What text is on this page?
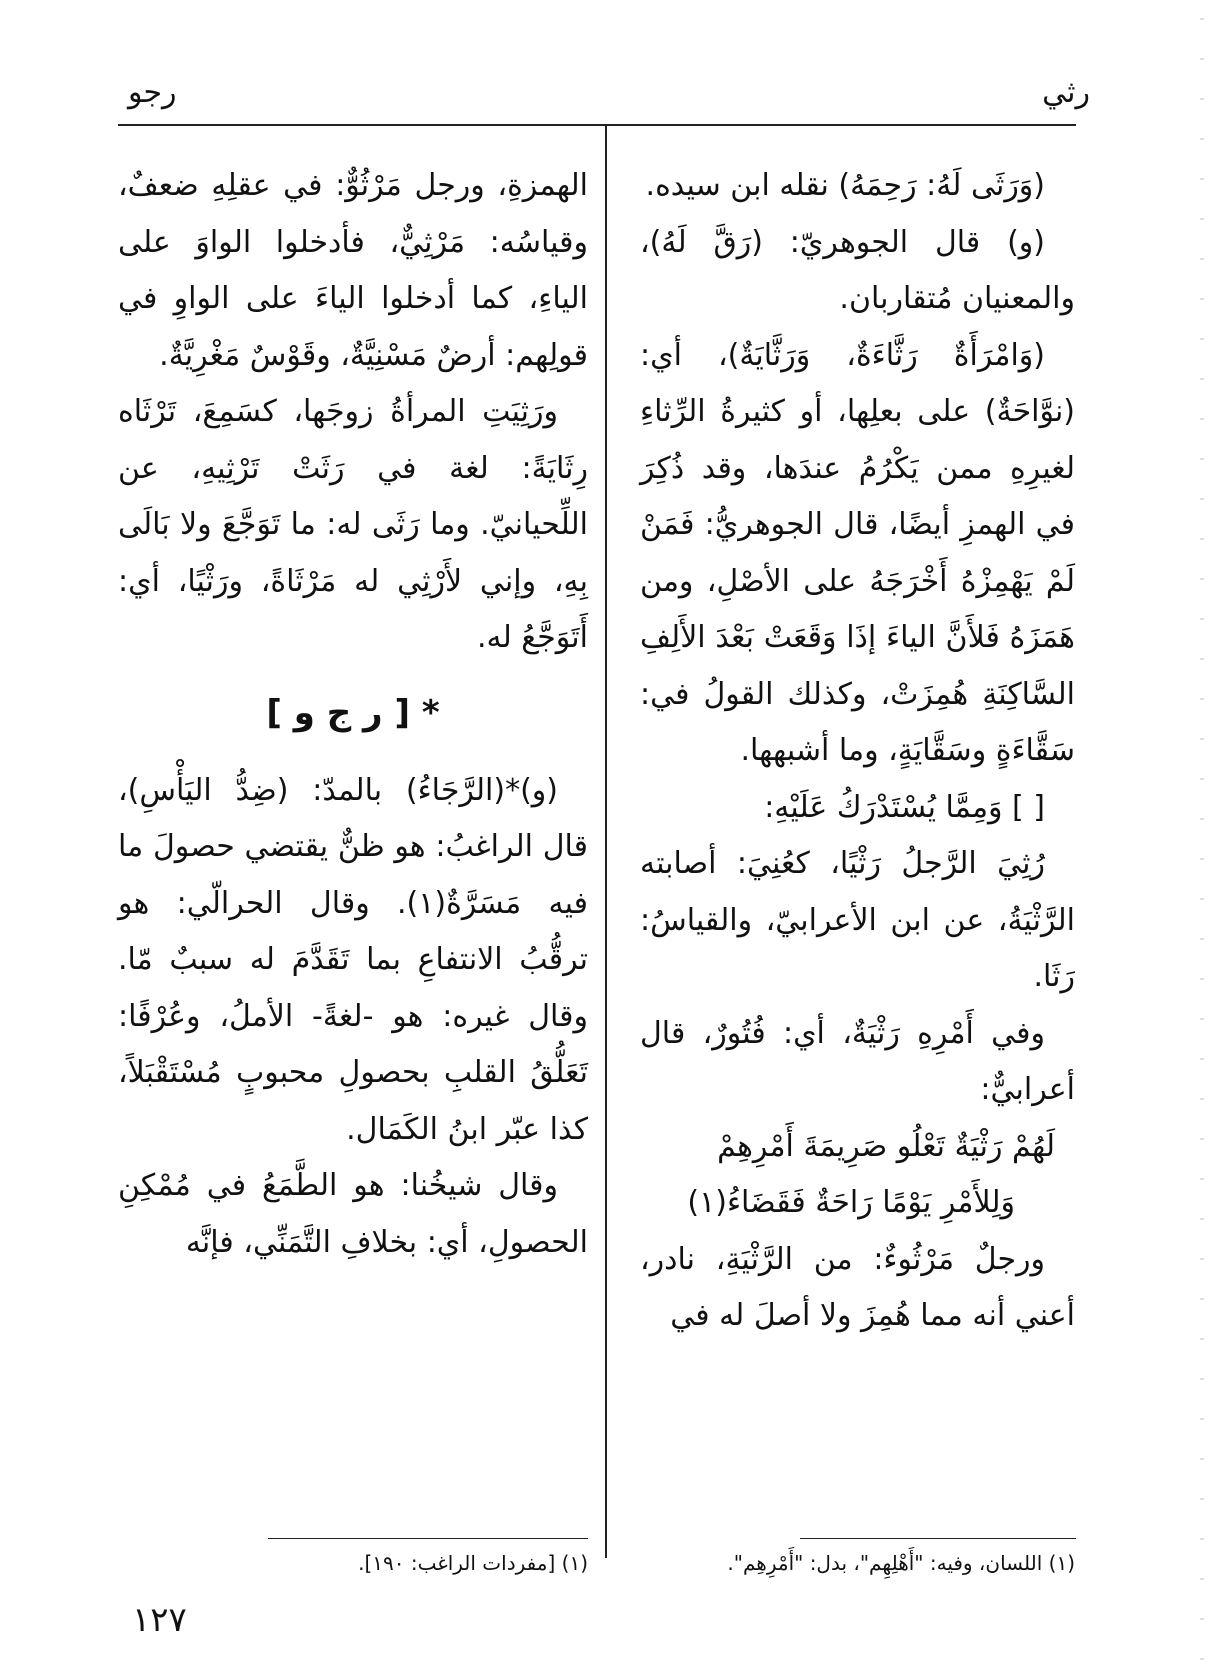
رثي
رجو

(وَرَثَى لَهُ: رَحِمَهُ) نقله ابن سيده.

(و) قال الجوهريّ: (رَقَّ لَهُ)، والمعنيان مُتقاربان.

(وَامْرَأَةٌ رَثَّاءَةٌ، وَرَثَّايَةٌ)، أي: (نوَّاحَةٌ) على بعلِها، أو كثيرةُ الرِّثاءِ لغيرِهِ ممن يَكْرُمُ عندَها، وقد ذُكِرَ في الهمزِ أيضًا، قال الجوهريُّ: فَمَنْ لَمْ يَهْمِزْهُ أَخْرَجَهُ على الأصْلِ، ومن هَمَزَهُ فَلأَنَّ الياءَ إذَا وَقَعَتْ بَعْدَ الأَلِفِ السَّاكِنَةِ هُمِزَتْ، وكذلك القولُ في: سَقَّاءَةٍ وسَقَّايَةٍ، وما أشبهها.

[ ] وَمِمَّا يُسْتَدْرَكُ عَلَيْهِ:

رُثِيَ الرَّجلُ رَثْيًا، كعُنِيَ: أصابته الرَّثْيَةُ، عن ابن الأعرابيّ، والقياسُ: رَثَا.

وفي أَمْرِهِ رَثْيَةٌ، أي: فُتُورٌ، قال أعرابيٌّ:

لَهُمْ رَثْيَةٌ تَعْلُو صَرِيمَةَ أَمْرِهِمْ

وَلِلأَمْرِ يَوْمًا رَاحَةٌ فَقَضَاءُ(١)

ورجلٌ مَرْثُوءٌ: من الرَّثْيَةِ، نادر، أعني أنه مما هُمِزَ ولا أصلَ له في

الهمزةِ، ورجل مَرْثُوٌّ: في عقلِهِ ضعفٌ، وقياسُه: مَرْثِيٌّ، فأدخلوا الواوَ على الياءِ، كما أدخلوا الياءَ على الواوِ في قولِهم: أرضٌ مَسْنِيَّةٌ، وقَوْسٌ مَغْرِيَّةٌ.

ورَثِيَتِ المرأةُ زوجَها، كسَمِعَ، تَرْثَاه رِثَايَةً: لغة في رَثَتْ تَرْثِيهِ، عن اللِّحيانيّ. وما رَثَى له: ما تَوَجَّعَ ولا بَالَى بِهِ، وإني لأَرْثِي له مَرْثَاةً، ورَثْيًا، أي: أَتَوَجَّعُ له.

* [ ر ج و ]

(و)*(الرَّجَاءُ) بالمدّ: (ضِدُّ اليَأْسِ)، قال الراغبُ: هو ظنٌّ يقتضي حصولَ ما فيه مَسَرَّةٌ(١). وقال الحرالّي: هو ترقُّبُ الانتفاعِ بما تَقَدَّمَ له سببٌ مّا. وقال غيره: هو -لغةً- الأملُ، وعُرْفًا: تَعَلُّقُ القلبِ بحصولِ محبوبٍ مُسْتَقْبَلاً، كذا عبّر ابنُ الكَمَال.

وقال شيخُنا: هو الطَّمَعُ في مُمْكِنِ الحصولِ، أي: بخلافِ التَّمَنِّي، فإنَّه

(١) اللسان، وفيه: "أَهْلِهِم"، بدل: "أَمْرِهِم".
(١) [مفردات الراغب: ١٩٠].
١٢٧
